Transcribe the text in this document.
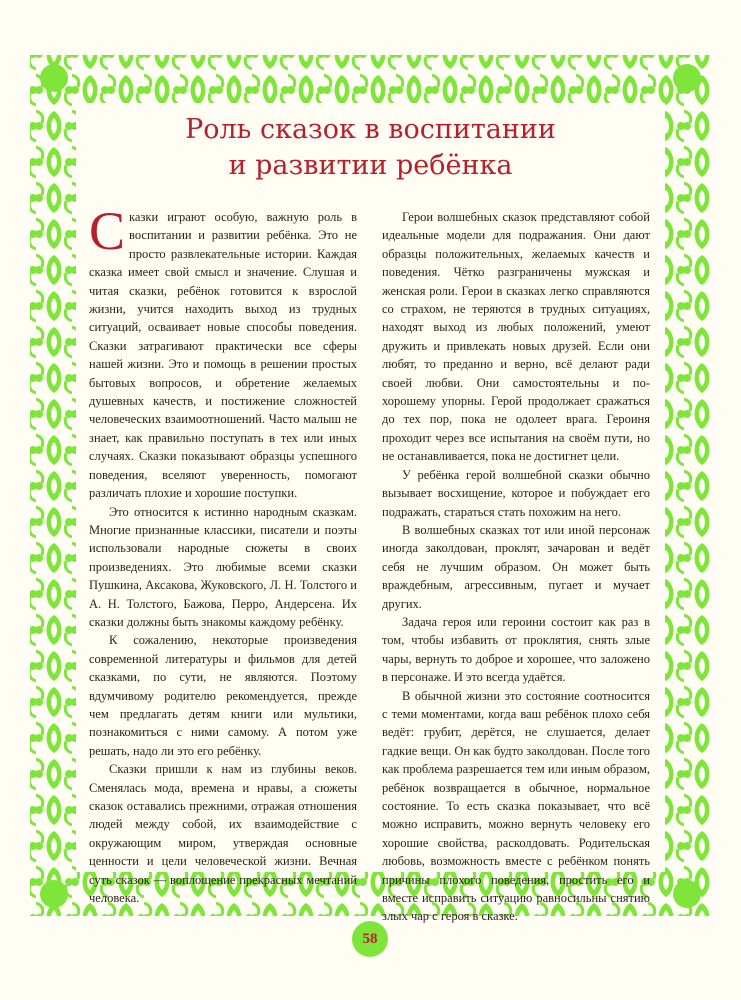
Роль сказок в воспитании
и развитии ребёнка

Сказки играют особую, важную роль в воспитании и развитии ребёнка. Это не просто развлекательные истории. Каждая сказка имеет свой смысл и значение. Слушая и читая сказки, ребёнок готовится к взрослой жизни, учится находить выход из трудных ситуаций, осваивает новые способы поведения. Сказки затрагивают практически все сферы нашей жизни. Это и помощь в решении простых бытовых вопросов, и обретение желаемых душевных качеств, и постижение сложностей человеческих взаимоотношений. Часто малыш не знает, как правильно поступать в тех или иных случаях. Сказки показывают образцы успешного поведения, вселяют уверенность, помогают различать плохие и хорошие поступки.

Это относится к истинно народным сказкам. Многие признанные классики, писатели и поэты использовали народные сюжеты в своих произведениях. Это любимые всеми сказки Пушкина, Аксакова, Жуковского, Л. Н. Толстого и А. Н. Толстого, Бажова, Перро, Андерсена. Их сказки должны быть знакомы каждому ребёнку.

К сожалению, некоторые произведения современной литературы и фильмов для детей сказками, по сути, не являются. Поэтому вдумчивому родителю рекомендуется, прежде чем предлагать детям книги или мультики, познакомиться с ними самому. А потом уже решать, надо ли это его ребёнку.

Сказки пришли к нам из глубины веков. Сменялась мода, времена и нравы, а сюжеты сказок оставались прежними, отражая отношения людей между собой, их взаимодействие с окружающим миром, утверждая основные ценности и цели человеческой жизни. Вечная суть сказок — воплощение прекрасных мечтаний человека.

Герои волшебных сказок представляют собой идеальные модели для подражания. Они дают образцы положительных, желаемых качеств и поведения. Чётко разграничены мужская и женская роли. Герои в сказках легко справляются со страхом, не теряются в трудных ситуациях, находят выход из любых положений, умеют дружить и привлекать новых друзей. Если они любят, то преданно и верно, всё делают ради своей любви. Они самостоятельны и по-хорошему упорны. Герой продолжает сражаться до тех пор, пока не одолеет врага. Героиня проходит через все испытания на своём пути, но не останавливается, пока не достигнет цели.

У ребёнка герой волшебной сказки обычно вызывает восхищение, которое и побуждает его подражать, стараться стать похожим на него.

В волшебных сказках тот или иной персонаж иногда заколдован, проклят, зачарован и ведёт себя не лучшим образом. Он может быть враждебным, агрессивным, пугает и мучает других.

Задача героя или героини состоит как раз в том, чтобы избавить от проклятия, снять злые чары, вернуть то доброе и хорошее, что заложено в персонаже. И это всегда удаётся.

В обычной жизни это состояние соотносится с теми моментами, когда ваш ребёнок плохо себя ведёт: грубит, дерётся, не слушается, делает гадкие вещи. Он как будто заколдован. После того как проблема разрешается тем или иным образом, ребёнок возвращается в обычное, нормальное состояние. То есть сказка показывает, что всё можно исправить, можно вернуть человеку его хорошие свойства, расколдовать. Родительская любовь, возможность вместе с ребёнком понять причины плохого поведения, простить его и вместе исправить ситуацию равносильны снятию злых чар с героя в сказке.

58
